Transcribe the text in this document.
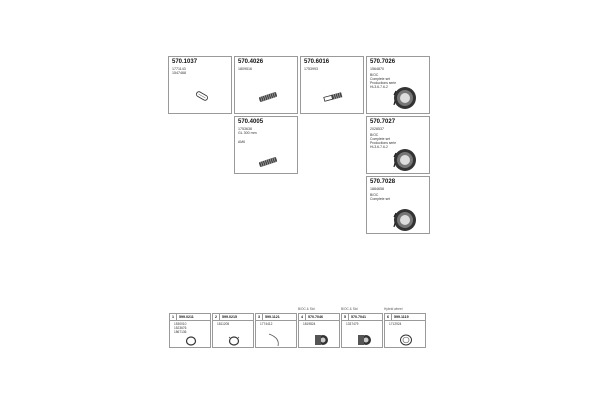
570.1037
1771143
1547468
570.4026
1809516
570.6016
1753993
570.7026
1564870
B/OC
Complete set
Productions serie
HL3.6-7.6-2
570.4005
1753638
GL 300 mm
AM6
570.7027
2028537
B/OC
Complete set
Productions serie
HL3.6-7.6-2
570.7028
1884658
B/OC
Complete set
B/OC & Std	B/OC & Std	Hybrid wheel
1 599.0211
1530010
1523676
1867136
2 599.0215
1811205
3 599.1121
1774412
4 570.7046
1819824
5 570.7041
1337479
6 599.1119
1712924
